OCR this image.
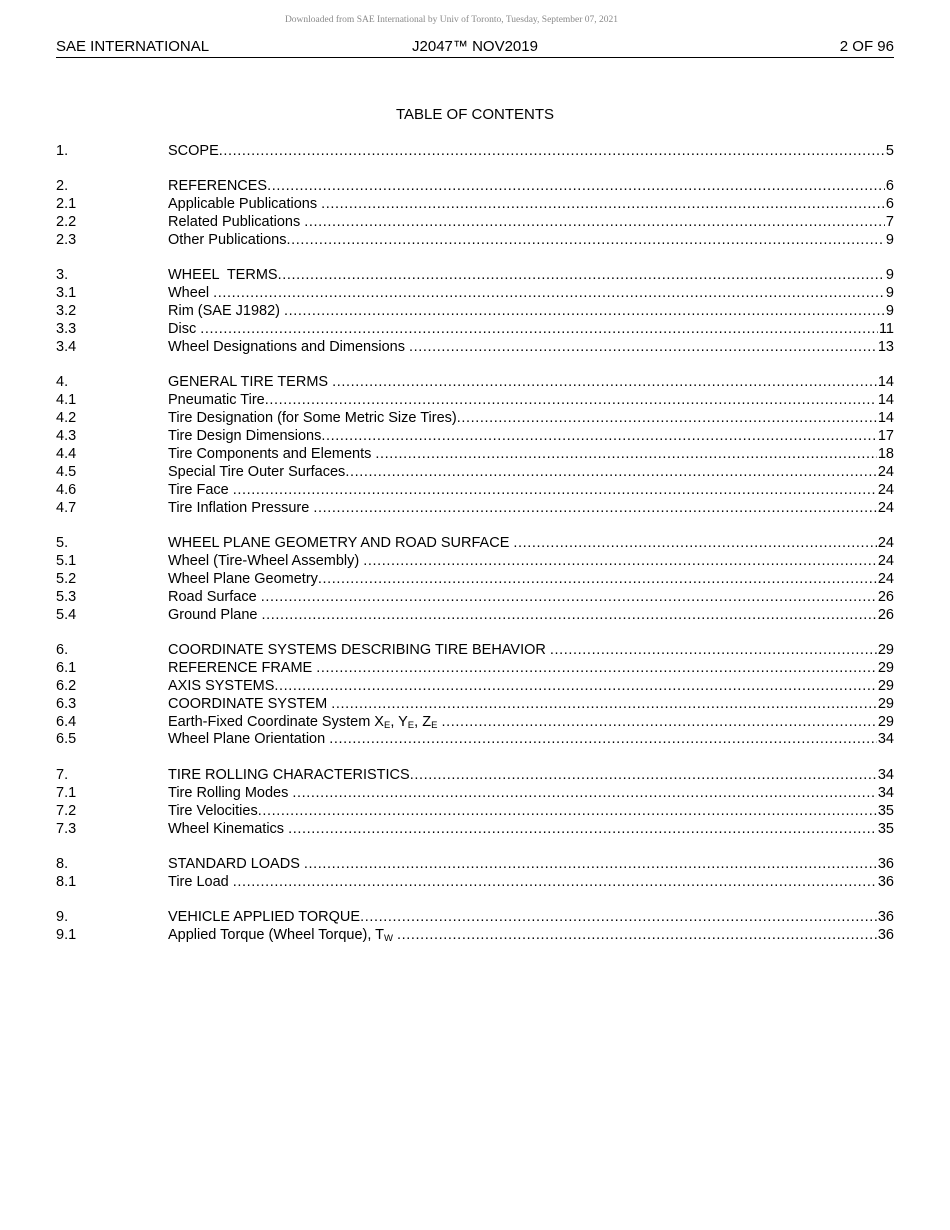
Downloaded from SAE International by Univ of Toronto, Tuesday, September 07, 2021
SAE INTERNATIONAL	J2047™ NOV2019	2 OF 96
TABLE OF CONTENTS
1.	SCOPE .....	5
2.	REFERENCES .....	6
2.1	Applicable Publications .....	6
2.2	Related Publications .....	7
2.3	Other Publications .....	9
3.	WHEEL  TERMS .....	9
3.1	Wheel .....	9
3.2	Rim (SAE J1982) .....	9
3.3	Disc .....	11
3.4	Wheel Designations and Dimensions .....	13
4.	GENERAL TIRE TERMS .....	14
4.1	Pneumatic Tire .....	14
4.2	Tire Designation (for Some Metric Size Tires) .....	14
4.3	Tire Design Dimensions .....	17
4.4	Tire Components and Elements .....	18
4.5	Special Tire Outer Surfaces .....	24
4.6	Tire Face .....	24
4.7	Tire Inflation Pressure .....	24
5.	WHEEL PLANE GEOMETRY AND ROAD SURFACE .....	24
5.1	Wheel (Tire-Wheel Assembly) .....	24
5.2	Wheel Plane Geometry .....	24
5.3	Road Surface .....	26
5.4	Ground Plane .....	26
6.	COORDINATE SYSTEMS DESCRIBING TIRE BEHAVIOR .....	29
6.1	REFERENCE FRAME .....	29
6.2	AXIS SYSTEMS .....	29
6.3	COORDINATE SYSTEM .....	29
6.4	Earth-Fixed Coordinate System $X_E$, $Y_E$, $Z_E$ .....	29
6.5	Wheel Plane Orientation .....	34
7.	TIRE ROLLING CHARACTERISTICS .....	34
7.1	Tire Rolling Modes .....	34
7.2	Tire Velocities .....	35
7.3	Wheel Kinematics .....	35
8.	STANDARD LOADS .....	36
8.1	Tire Load .....	36
9.	VEHICLE APPLIED TORQUE .....	36
9.1	Applied Torque (Wheel Torque), $T_W$ .....	36
